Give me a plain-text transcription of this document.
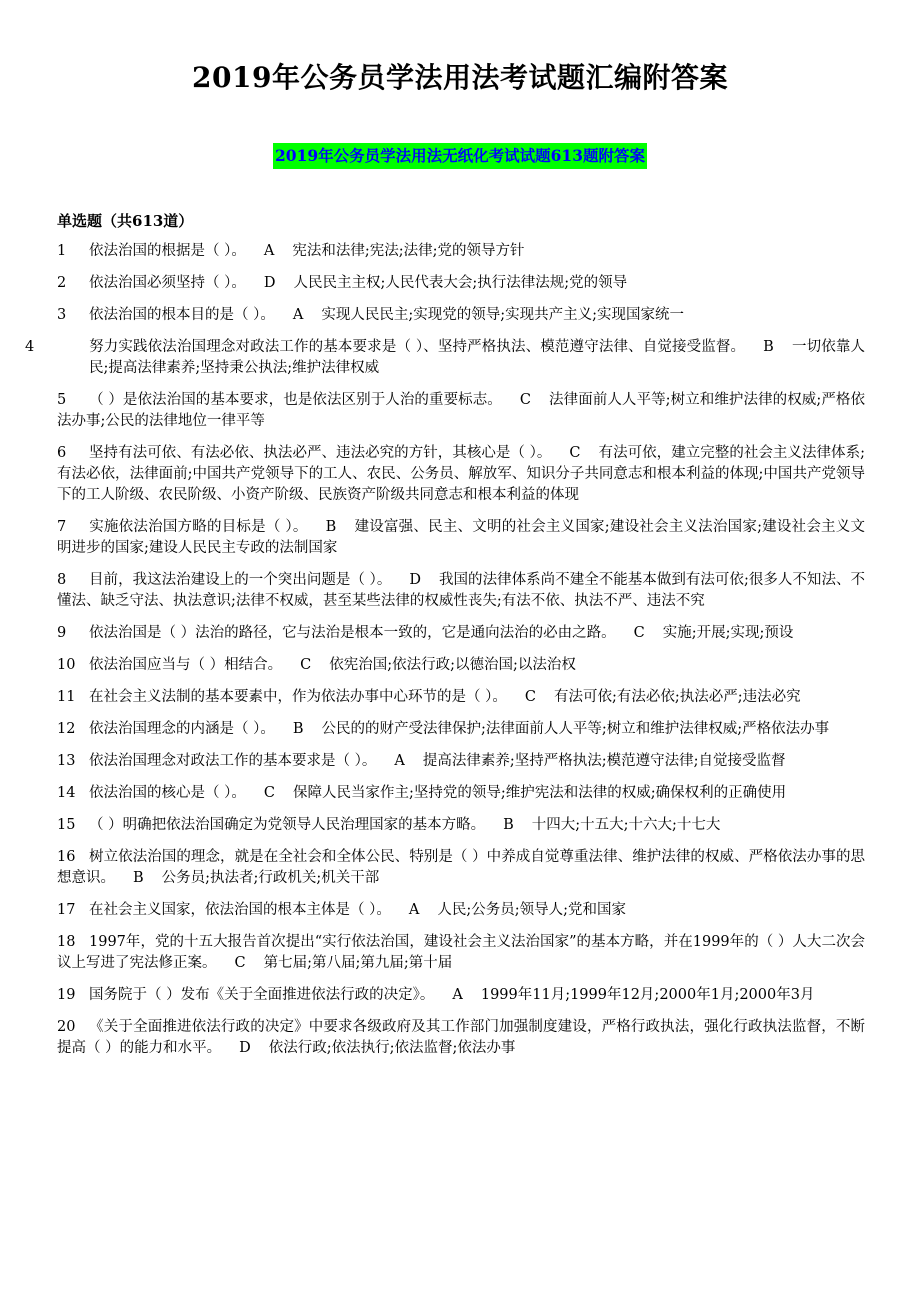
2019年公务员学法用法考试题汇编附答案
2019年公务员学法用法无纸化考试试题613题附答案
单选题（共613道）
1 依法治国的根据是（ ）。 A 宪法和法律;宪法;法律;党的领导方针
2 依法治国必须坚持（ ）。 D 人民民主主权;人民代表大会;执行法律法规;党的领导
3 依法治国的根本目的是（ ）。 A 实现人民民主;实现党的领导;实现共产主义;实现国家统一
4	努力实践依法治国理念对政法工作的基本要求是（ ）、坚持严格执法、模范遵守法律、自觉接受监督。 B 一切依靠人民;提高法律素养;坚持秉公执法;维护法律权威
5 （ ）是依法治国的基本要求，也是依法区别于人治的重要标志。 C 法律面前人人平等;树立和维护法律的权威;严格依法办事;公民的法律地位一律平等
6 坚持有法可依、有法必依、执法必严、违法必究的方针，其核心是（ ）。 C 有法可依，建立完整的社会主义法律体系;有法必依，法律面前;中国共产党领导下的工人、农民、公务员、解放军、知识分子共同意志和根本利益的体现;中国共产党领导下的工人阶级、农民阶级、小资产阶级、民族资产阶级共同意志和根本利益的体现
7 实施依法治国方略的目标是（ ）。 B 建设富强、民主、文明的社会主义国家;建设社会主义法治国家;建设社会主义文明进步的国家;建设人民民主专政的法制国家
8 目前，我这法治建设上的一个突出问题是（ ）。 D 我国的法律体系尚不建全不能基本做到有法可依;很多人不知法、不懂法、缺乏守法、执法意识;法律不权威，甚至某些法律的权威性丧失;有法不依、执法不严、违法不究
9 依法治国是（ ）法治的路径，它与法治是根本一致的，它是通向法治的必由之路。 C 实施;开展;实现;预设
10 依法治国应当与（ ）相结合。 C 依宪治国;依法行政;以德治国;以法治权
11 在社会主义法制的基本要素中，作为依法办事中心环节的是（ ）。 C 有法可依;有法必依;执法必严;违法必究
12 依法治国理念的内涵是（ ）。 B 公民的的财产受法律保护;法律面前人人平等;树立和维护法律权威;严格依法办事
13 依法治国理念对政法工作的基本要求是（ ）。 A 提高法律素养;坚持严格执法;模范遵守法律;自觉接受监督
14 依法治国的核心是（ ）。 C 保障人民当家作主;坚持党的领导;维护宪法和法律的权威;确保权利的正确使用
15 （ ）明确把依法治国确定为党领导人民治理国家的基本方略。 B 十四大;十五大;十六大;十七大
16 树立依法治国的理念，就是在全社会和全体公民、特别是（ ）中养成自觉尊重法律、维护法律的权威、严格依法办事的思想意识。 B 公务员;执法者;行政机关;机关干部
17 在社会主义国家，依法治国的根本主体是（ ）。 A 人民;公务员;领导人;党和国家
18 1997年，党的十五大报告首次提出“实行依法治国，建设社会主义法治国家”的基本方略，并在1999年的（ ）人大二次会议上写进了宪法修正案。 C 第七届;第八届;第九届;第十届
19 国务院于（ ）发布《关于全面推进依法行政的决定》。 A 1999年11月;1999年12月;2000年1月;2000年3月
20 《关于全面推进依法行政的决定》中要求各级政府及其工作部门加强制度建设，严格行政执法，强化行政执法监督，不断提高（ ）的能力和水平。 D 依法行政;依法执行;依法监督;依法办事
